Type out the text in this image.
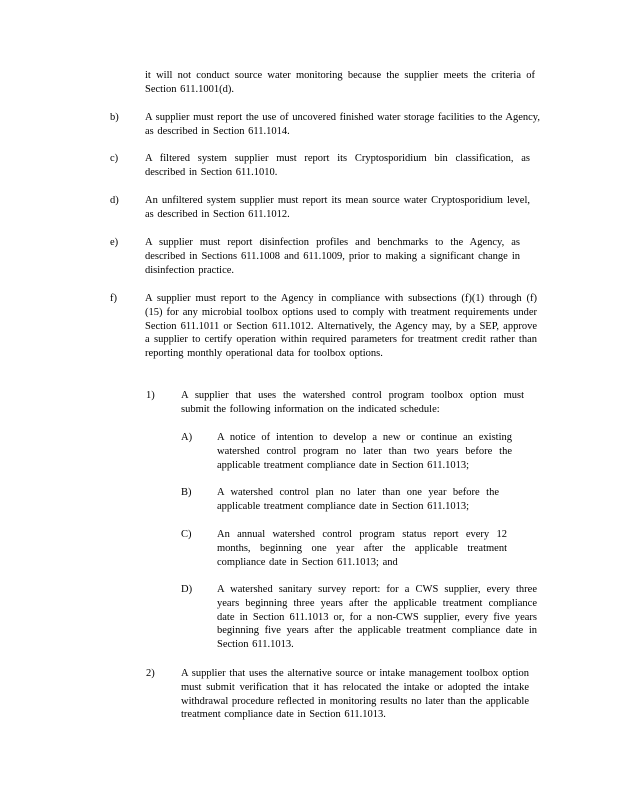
it will not conduct source water monitoring because the supplier meets the criteria of Section 611.1001(d).
b)	A supplier must report the use of uncovered finished water storage facilities to the Agency, as described in Section 611.1014.
c)	A filtered system supplier must report its Cryptosporidium bin classification, as described in Section 611.1010.
d)	An unfiltered system supplier must report its mean source water Cryptosporidium level, as described in Section 611.1012.
e)	A supplier must report disinfection profiles and benchmarks to the Agency, as described in Sections 611.1008 and 611.1009, prior to making a significant change in disinfection practice.
f)	A supplier must report to the Agency in compliance with subsections (f)(1) through (f)(15) for any microbial toolbox options used to comply with treatment requirements under Section 611.1011 or Section 611.1012. Alternatively, the Agency may, by a SEP, approve a supplier to certify operation within required parameters for treatment credit rather than reporting monthly operational data for toolbox options.
1)	A supplier that uses the watershed control program toolbox option must submit the following information on the indicated schedule:
A) A notice of intention to develop a new or continue an existing watershed control program no later than two years before the applicable treatment compliance date in Section 611.1013;
B) A watershed control plan no later than one year before the applicable treatment compliance date in Section 611.1013;
C) An annual watershed control program status report every 12 months, beginning one year after the applicable treatment compliance date in Section 611.1013; and
D) A watershed sanitary survey report: for a CWS supplier, every three years beginning three years after the applicable treatment compliance date in Section 611.1013 or, for a non-CWS supplier, every five years beginning five years after the applicable treatment compliance date in Section 611.1013.
2)	A supplier that uses the alternative source or intake management toolbox option must submit verification that it has relocated the intake or adopted the intake withdrawal procedure reflected in monitoring results no later than the applicable treatment compliance date in Section 611.1013.
